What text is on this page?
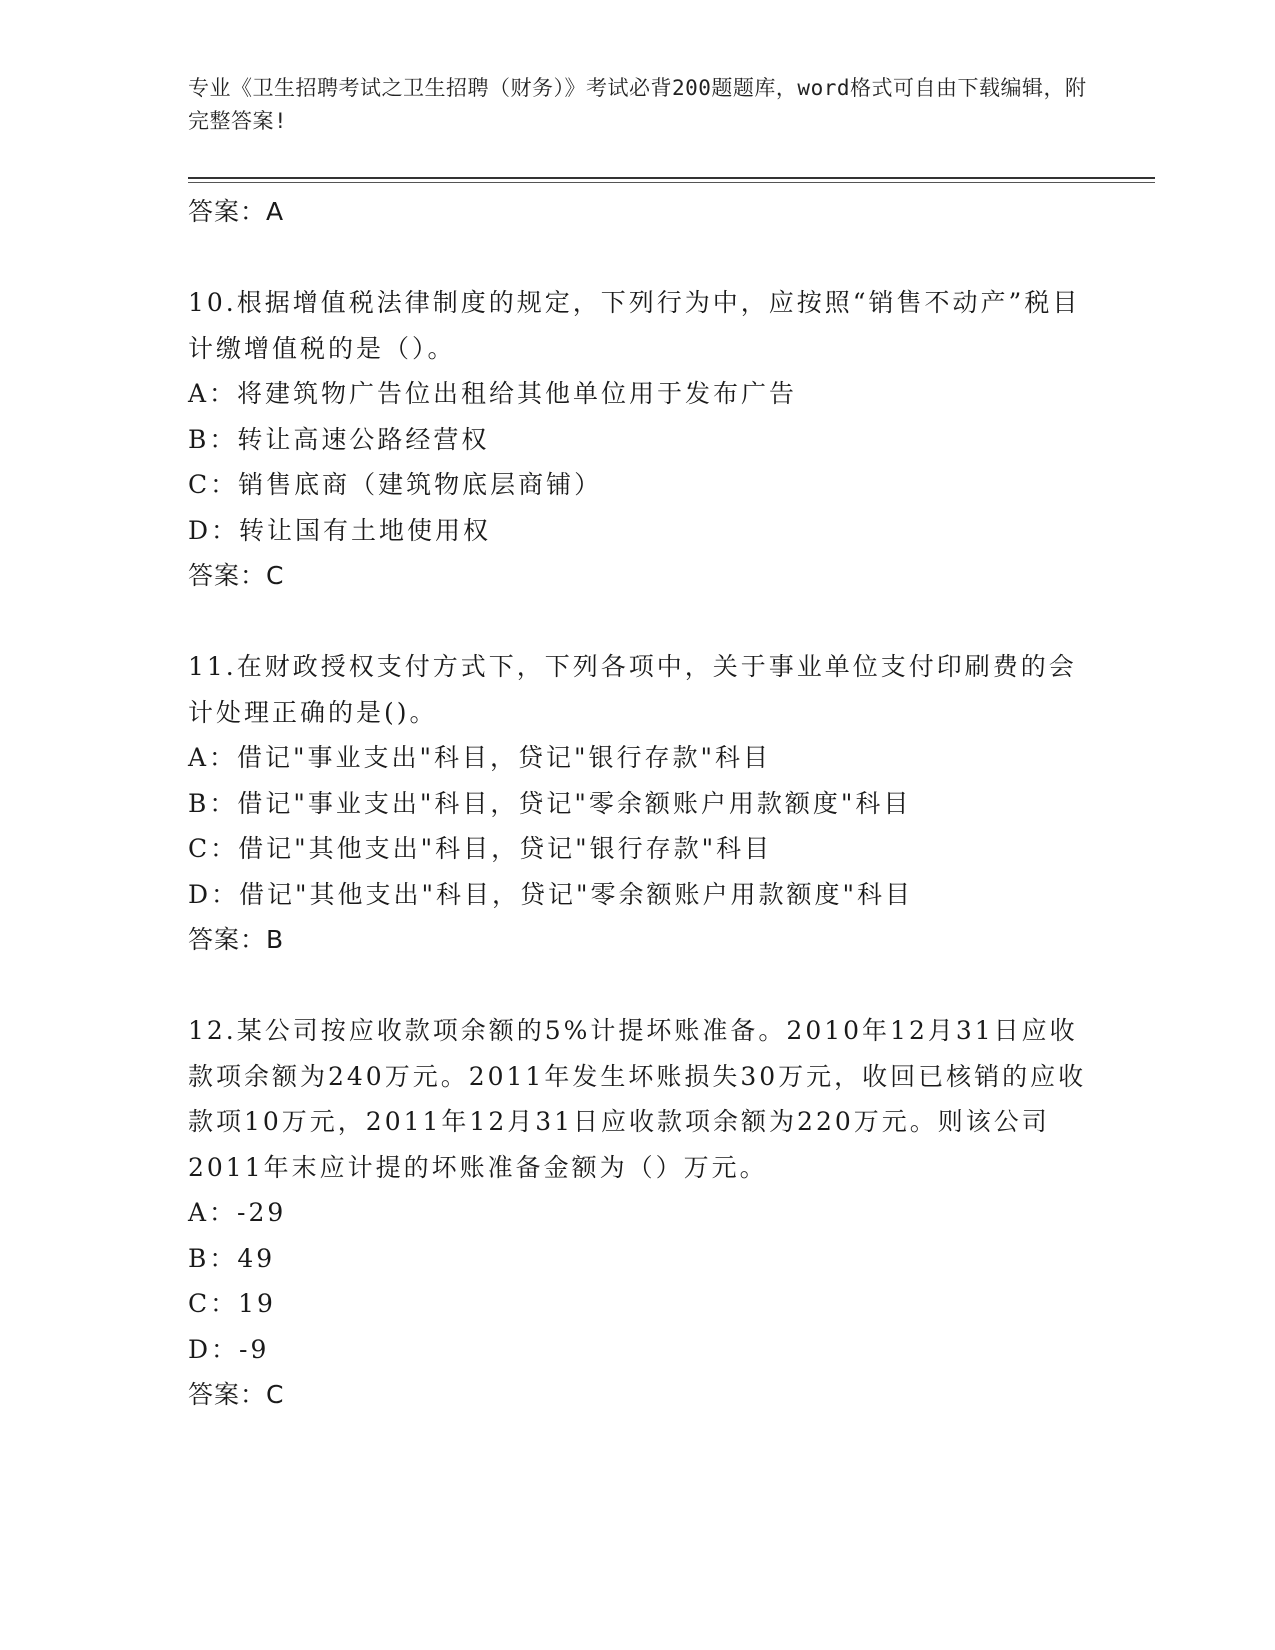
专业《卫生招聘考试之卫生招聘（财务）》考试必背200题题库，word格式可自由下载编辑，附完整答案!

答案：A

10.根据增值税法律制度的规定，下列行为中，应按照“销售不动产”税目计缴增值税的是（）。

A：将建筑物广告位出租给其他单位用于发布广告

B：转让高速公路经营权

C：销售底商（建筑物底层商铺）

D：转让国有土地使用权

答案：C

11.在财政授权支付方式下，下列各项中，关于事业单位支付印刷费的会计处理正确的是()。

A：借记"事业支出"科目，贷记"银行存款"科目

B：借记"事业支出"科目，贷记"零余额账户用款额度"科目

C：借记"其他支出"科目，贷记"银行存款"科目

D：借记"其他支出"科目，贷记"零余额账户用款额度"科目

答案：B

12.某公司按应收款项余额的5%计提坏账准备。2010年12月31日应收款项余额为240万元。2011年发生坏账损失30万元，收回已核销的应收款项10万元，2011年12月31日应收款项余额为220万元。则该公司2011年末应计提的坏账准备金额为（）万元。

A：-29

B：49

C：19

D：-9

答案：C
